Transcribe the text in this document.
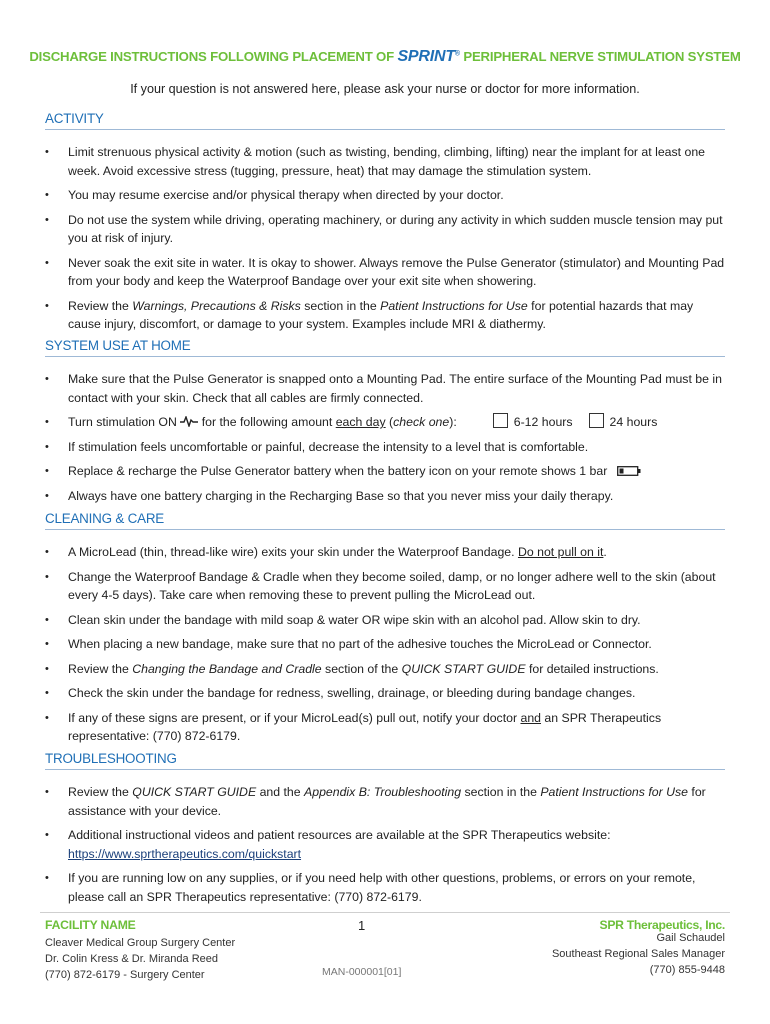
DISCHARGE INSTRUCTIONS FOLLOWING PLACEMENT OF SPRINT® PERIPHERAL NERVE STIMULATION SYSTEM
If your question is not answered here, please ask your nurse or doctor for more information.
ACTIVITY
• Limit strenuous physical activity & motion (such as twisting, bending, climbing, lifting) near the implant for at least one week. Avoid excessive stress (tugging, pressure, heat) that may damage the stimulation system.
• You may resume exercise and/or physical therapy when directed by your doctor.
• Do not use the system while driving, operating machinery, or during any activity in which sudden muscle tension may put you at risk of injury.
• Never soak the exit site in water. It is okay to shower. Always remove the Pulse Generator (stimulator) and Mounting Pad from your body and keep the Waterproof Bandage over your exit site when showering.
• Review the Warnings, Precautions & Risks section in the Patient Instructions for Use for potential hazards that may cause injury, discomfort, or damage to your system. Examples include MRI & diathermy.
SYSTEM USE AT HOME
• Make sure that the Pulse Generator is snapped onto a Mounting Pad. The entire surface of the Mounting Pad must be in contact with your skin. Check that all cables are firmly connected.
• Turn stimulation ON for the following amount each day (check one):	6-12 hours	24 hours
• If stimulation feels uncomfortable or painful, decrease the intensity to a level that is comfortable.
• Replace & recharge the Pulse Generator battery when the battery icon on your remote shows 1 bar
• Always have one battery charging in the Recharging Base so that you never miss your daily therapy.
CLEANING & CARE
• A MicroLead (thin, thread-like wire) exits your skin under the Waterproof Bandage. Do not pull on it.
• Change the Waterproof Bandage & Cradle when they become soiled, damp, or no longer adhere well to the skin (about every 4-5 days). Take care when removing these to prevent pulling the MicroLead out.
• Clean skin under the bandage with mild soap & water OR wipe skin with an alcohol pad. Allow skin to dry.
• When placing a new bandage, make sure that no part of the adhesive touches the MicroLead or Connector.
• Review the Changing the Bandage and Cradle section of the QUICK START GUIDE for detailed instructions.
• Check the skin under the bandage for redness, swelling, drainage, or bleeding during bandage changes.
• If any of these signs are present, or if your MicroLead(s) pull out, notify your doctor and an SPR Therapeutics representative: (770) 872-6179.
TROUBLESHOOTING
• Review the QUICK START GUIDE and the Appendix B: Troubleshooting section in the Patient Instructions for Use for assistance with your device.
• Additional instructional videos and patient resources are available at the SPR Therapeutics website: https://www.sprtherapeutics.com/quickstart
• If you are running low on any supplies, or if you need help with other questions, problems, or errors on your remote, please call an SPR Therapeutics representative: (770) 872-6179.
FACILITY NAME
Cleaver Medical Group Surgery Center
Dr. Colin Kress & Dr. Miranda Reed
(770) 872-6179 - Surgery Center
1
MAN-000001[01]
SPR Therapeutics, Inc.
Gail Schaudel
Southeast Regional Sales Manager
(770) 855-9448
